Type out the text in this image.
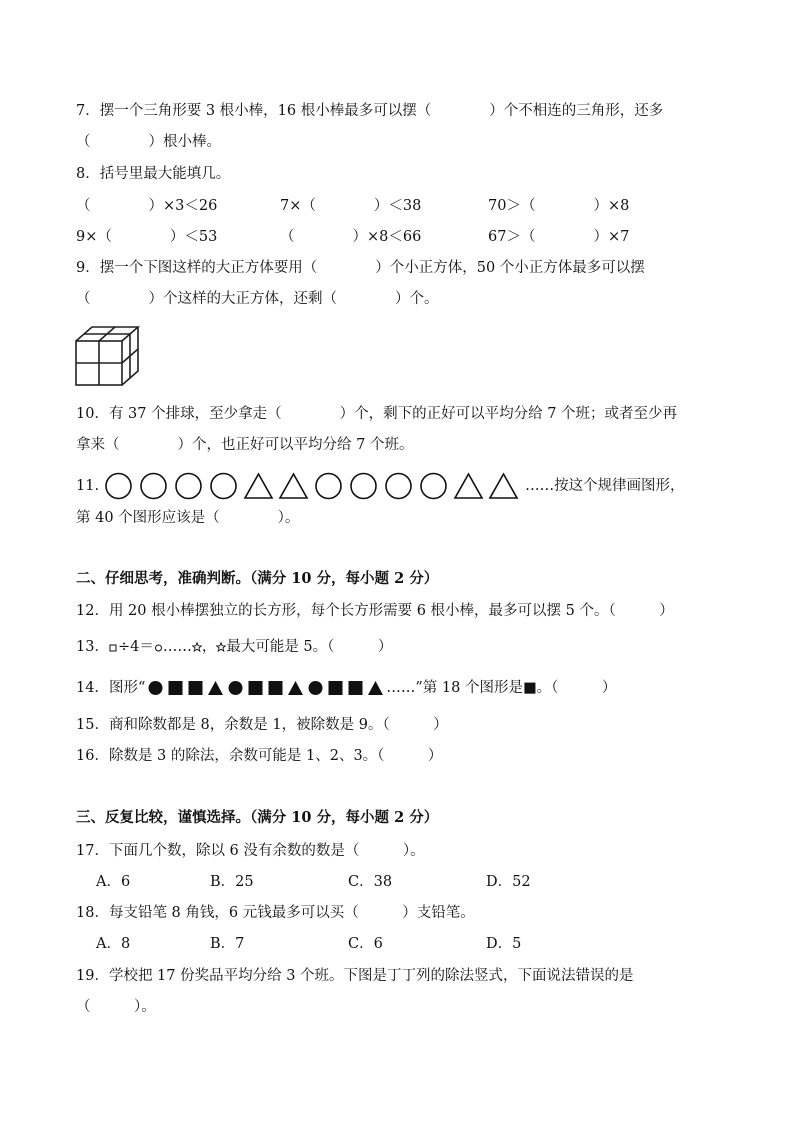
7．摆一个三角形要 3 根小棒，16 根小棒最多可以摆（　　　　）个不相连的三角形，还多
（　　　　）根小棒。
8．括号里最大能填几。
（　　　　）×3＜26	7×（　　　　）＜38	70＞（　　　　）×8
9×（　　　　）＜53	（　　　　）×8＜66	67＞（　　　　）×7
9．摆一个下图这样的大正方体要用（　　　　）个小正方体，50 个小正方体最多可以摆
（　　　　）个这样的大正方体，还剩（　　　　）个。
10．有 37 个排球，至少拿走（　　　　）个，剩下的正好可以平均分给 7 个班；或者至少再
拿来（　　　　）个，也正好可以平均分给 7 个班。
11.	……按这个规律画图形，
第 40 个图形应该是（　　　　）。
二、仔细思考，准确判断。（满分 10 分，每小题 2 分）
12．用 20 根小棒摆独立的长方形，每个长方形需要 6 根小棒，最多可以摆 5 个。（　　　）
13． ÷4＝ …… ， 最大可能是 5。（　　　）
14．图形“	……”第 18 个图形是■。（　　　）
15．商和除数都是 8，余数是 1，被除数是 9。（　　　）
16．除数是 3 的除法，余数可能是 1、2、3。（　　　）
三、反复比较，谨慎选择。（满分 10 分，每小题 2 分）
17．下面几个数，除以 6 没有余数的数是（　　　）。
A．6	B．25	C．38	D．52
18．每支铅笔 8 角钱，6 元钱最多可以买（　　　）支铅笔。
A．8	B．7	C．6	D．5
19．学校把 17 份奖品平均分给 3 个班。下图是丁丁列的除法竖式，下面说法错误的是
（　　　）。
